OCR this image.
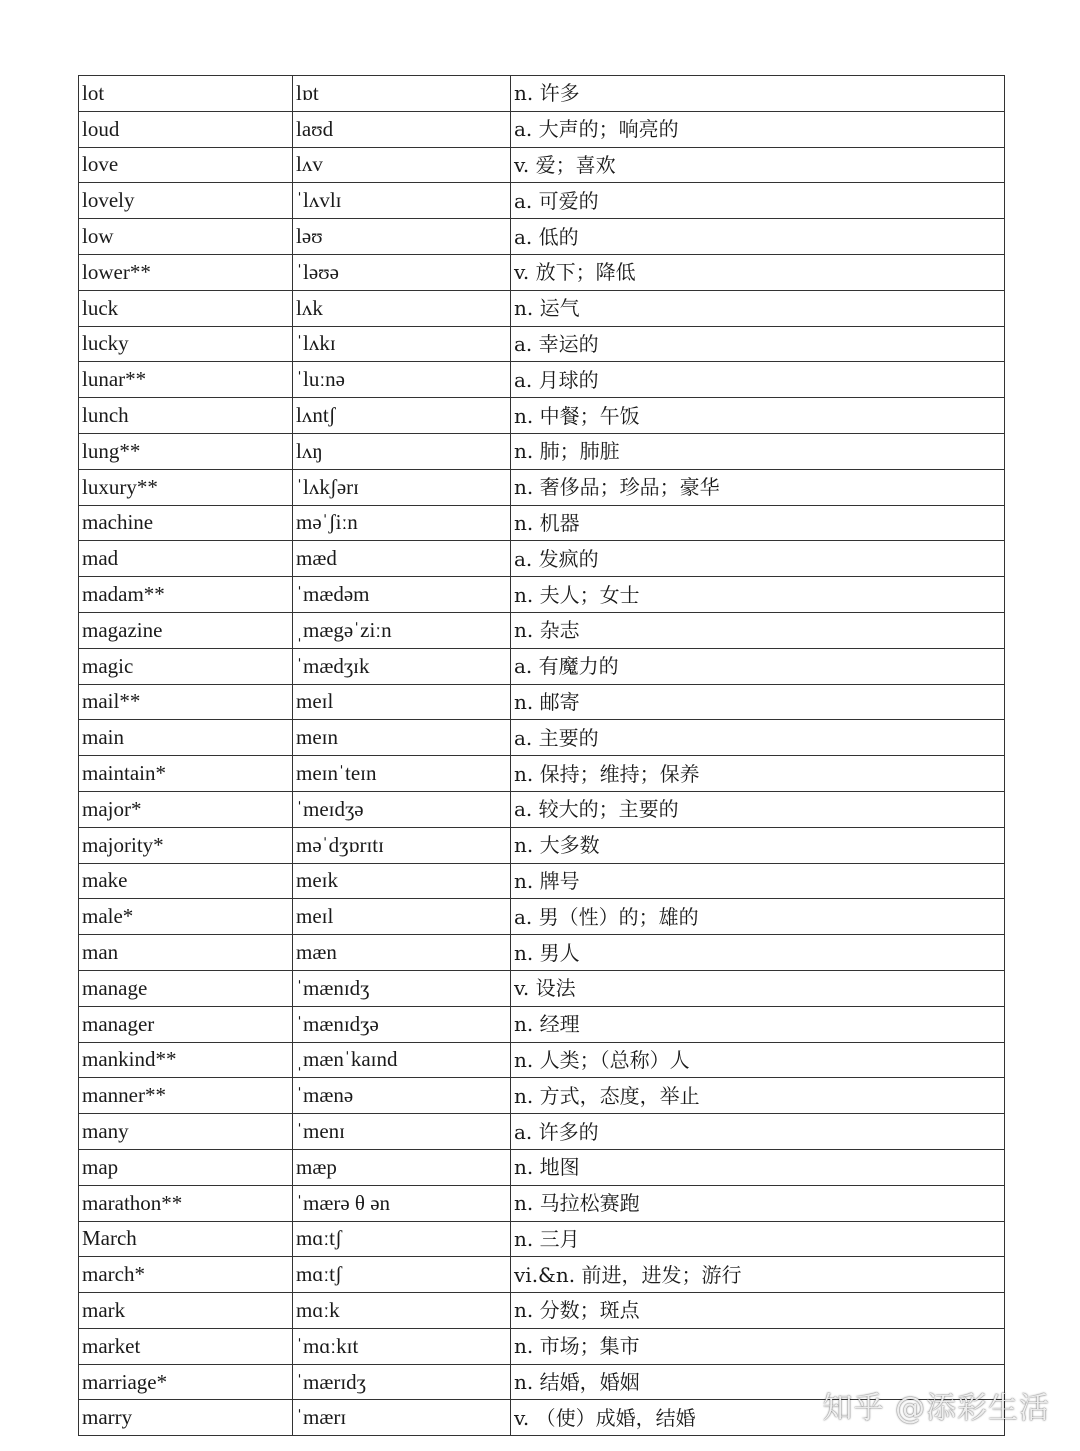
lot	lɒt	n. 许多
loud	laʊd	a. 大声的；响亮的
love	lʌv	v. 爱；喜欢
lovely	ˈlʌvlɪ	a. 可爱的
low	ləʊ	a. 低的
lower**	ˈləʊə	v. 放下；降低
luck	lʌk	n. 运气
lucky	ˈlʌkɪ	a. 幸运的
lunar**	ˈluːnə	a. 月球的
lunch	lʌntʃ	n. 中餐；午饭
lung**	lʌŋ	n. 肺；肺脏
luxury**	ˈlʌkʃərɪ	n. 奢侈品；珍品；豪华
machine	məˈʃiːn	n. 机器
mad	mæd	a. 发疯的
madam**	ˈmædəm	n. 夫人；女士
magazine	ˌmægəˈziːn	n. 杂志
magic	ˈmædʒɪk	a. 有魔力的
mail**	meɪl	n. 邮寄
main	meɪn	a. 主要的
maintain*	meɪnˈteɪn	n. 保持；维持；保养
major*	ˈmeɪdʒə	a. 较大的；主要的
majority*	məˈdʒɒrɪtɪ	n. 大多数
make	meɪk	n. 牌号
male*	meɪl	a. 男（性）的；雄的
man	mæn	n. 男人
manage	ˈmænɪdʒ	v. 设法
manager	ˈmænɪdʒə	n. 经理
mankind**	ˌmænˈkaɪnd	n. 人类；（总称）人
manner**	ˈmænə	n. 方式，态度，举止
many	ˈmenɪ	a. 许多的
map	mæp	n. 地图
marathon**	ˈmærə θ ən	n. 马拉松赛跑
March	mɑːtʃ	n. 三月
march*	mɑːtʃ	vi.&n. 前进，进发；游行
mark	mɑːk	n. 分数；斑点
market	ˈmɑːkɪt	n. 市场；集市
marriage*	ˈmærɪdʒ	n. 结婚，婚姻
marry	ˈmærɪ	v. （使）成婚，结婚	知乎 @添彩生活
